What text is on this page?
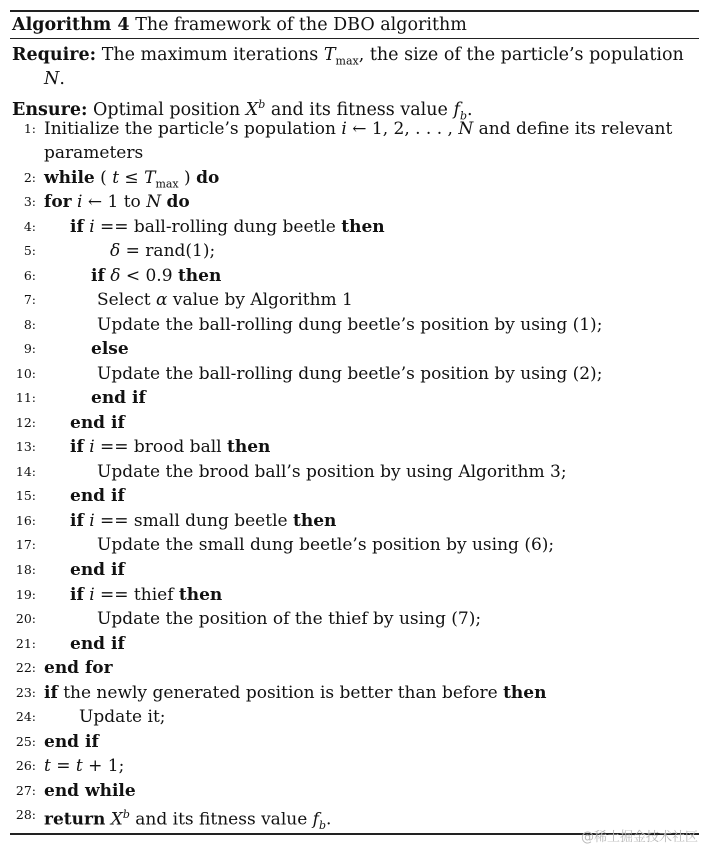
Algorithm 4 The framework of the DBO algorithm
Require: The maximum iterations $T_{max}$, the size of the particle’s population
N.
Ensure: Optimal position $X^b$ and its fitness value $f_b$.
1: Initialize the particle’s population i ← 1, 2, . . . , N and define its relevant
parameters
2: while ( $t \le T_{max}$ ) do
3: for i ← 1 to N do
4: if i == ball-rolling dung beetle then
5:	δ = rand(1);
6:	if δ < 0.9 then
7:	Select α value by Algorithm 1
8:	Update the ball-rolling dung beetle’s position by using (1);
9:	else
10:	Update the ball-rolling dung beetle’s position by using (2);
11:	end if
12: end if
13: if i == brood ball then
14:	Update the brood ball’s position by using Algorithm 3;
15: end if
16: if i == small dung beetle then
17:	Update the small dung beetle’s position by using (6);
18: end if
19: if i == thief then
20:	Update the position of the thief by using (7);
21: end if
22: end for
23: if the newly generated position is better than before then
24:	Update it;
25: end if
26: t = t + 1;
27: end while
28: return $X^b$ and its fitness value $f_b$.
@稀土掘金技术社区
